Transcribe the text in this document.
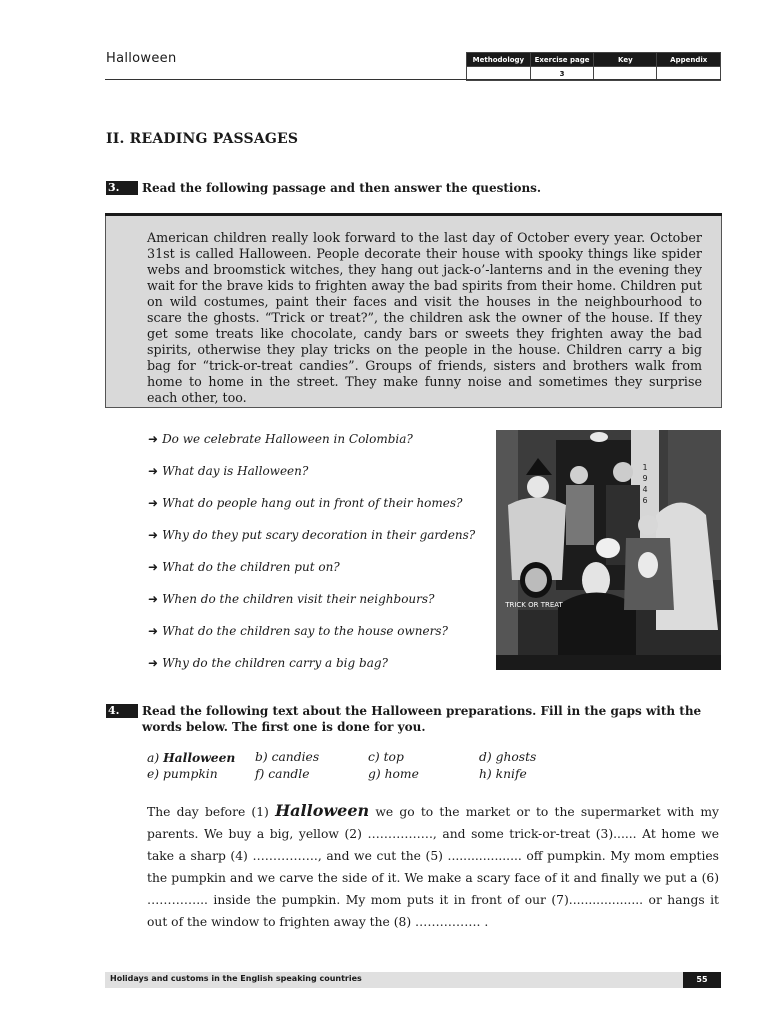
Halloween	Methodology	Exercise page	Key	Appendix
	3		
II. READING PASSAGES
3.	Read the following passage and then answer the questions.
American children really look forward to the last day of October every year. October 31st is called Halloween. People decorate their house with spooky things like spider webs and broomstick witches, they hang out jack-o’-lanterns and in the evening they wait for the brave kids to frighten away the bad spirits from their home. Children put on wild costumes, paint their faces and visit the houses in the neighbourhood to scare the ghosts. “Trick or treat?”, the children ask the owner of the house. If they get some treats like chocolate, candy bars or sweets they frighten away the bad spirits, otherwise they play tricks on the people in the house. Children carry a big bag for “trick-or-treat candies”. Groups of friends, sisters and brothers walk from home to home in the street. They make funny noise and sometimes they surprise each other, too.
➜ Do we celebrate Halloween in Colombia?
➜ What day is Halloween?
➜ What do people hang out in front of their homes?
➜ Why do they put scary decoration in their gardens?
➜ What do the children put on?
➜ When do the children visit their neighbours?
➜ What do the children say to the house owners?
➜ Why do the children carry a big bag?
1
9
4
6
TRICK OR TREAT
4.	Read the following text about the Halloween preparations. Fill in the gaps with the words below. The first one is done for you.
a) Halloween b) candies	c) top	d) ghosts
e) pumpkin	f) candle	g) home	h) knife
The day before (1) Halloween we go to the market or to the supermarket with my parents. We buy a big, yellow (2) ……………., and some trick-or-treat (3)...... At home we take a sharp (4) ……………., and we cut the (5) ................... off pumpkin. My mom empties the pumpkin and we carve the side of it. We make a scary face of it and finally we put a (6) …………... inside the pumpkin. My mom puts it in front of our (7)................... or hangs it out of the window to frighten away the (8) ……………. .
Holidays and customs in the English speaking countries	55
